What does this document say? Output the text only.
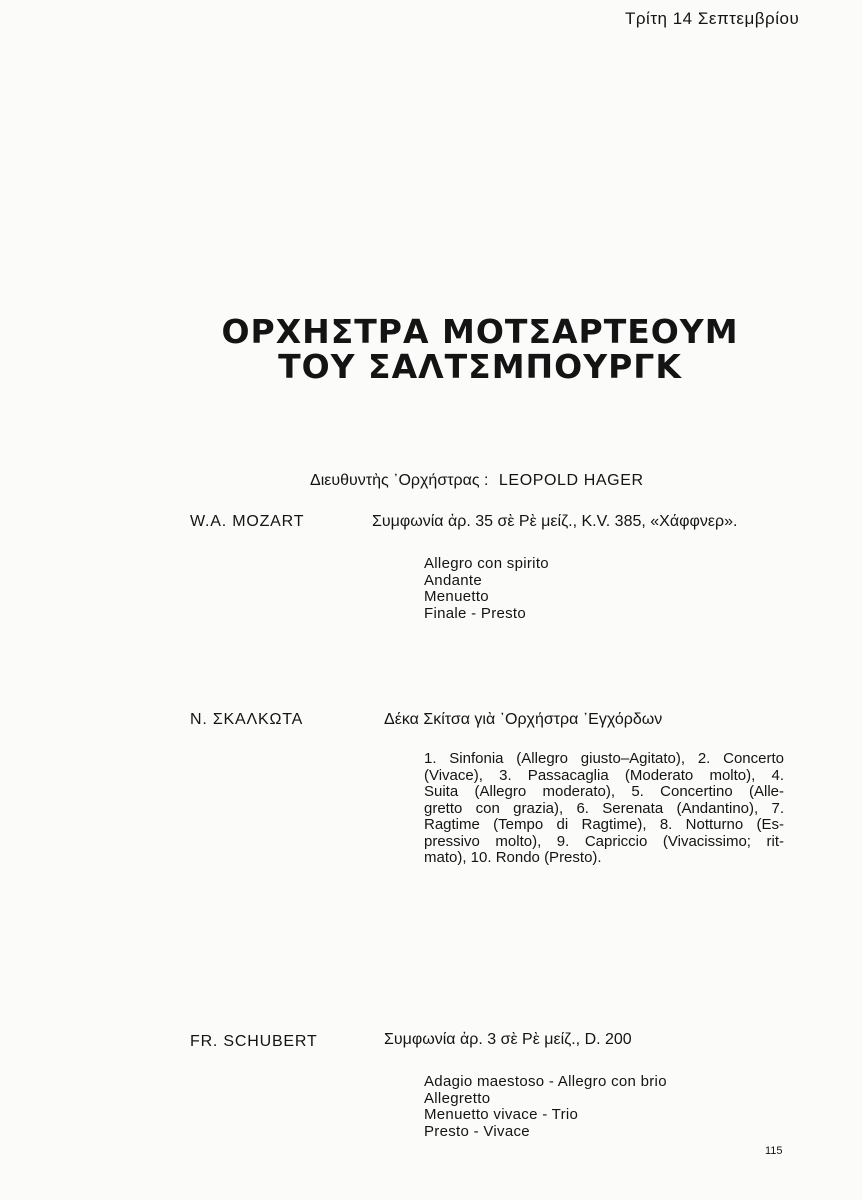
Τρίτη 14 Σεπτεμβρίου
ΟΡΧΗΣΤΡΑ ΜΟΤΣΑΡΤΕΟΥΜ
ΤΟΥ ΣΑΛΤΣΜΠΟΥΡΓΚ
Διευθυντὴς ᾿Ορχήστρας : LEOPOLD HAGER
W.A. MOZART	Συμφωνία ἀρ. 35 σὲ Ρὲ μείζ., K.V. 385, «Χάφφνερ».
Allegro con spirito
Andante
Menuetto
Finale - Presto
Ν. ΣΚΑΛΚΩΤΑ	Δέκα Σκίτσα γιὰ ᾿Ορχήστρα ᾿Εγχόρδων
1. Sinfonia (Allegro giusto–Agitato), 2. Concerto
(Vivace), 3. Passacaglia (Moderato molto), 4.
Suita (Allegro moderato), 5. Concertino (Alle-
gretto con grazia), 6. Serenata (Andantino), 7.
Ragtime (Tempo di Ragtime), 8. Notturno (Es-
pressivo molto), 9. Capriccio (Vivacissimo; rit-
mato), 10. Rondo (Presto).
FR. SCHUBERT	Συμφωνία ἀρ. 3 σὲ Ρὲ μείζ., D. 200
Adagio maestoso - Allegro con brio
Allegretto
Menuetto vivace - Trio
Presto - Vivace
115
